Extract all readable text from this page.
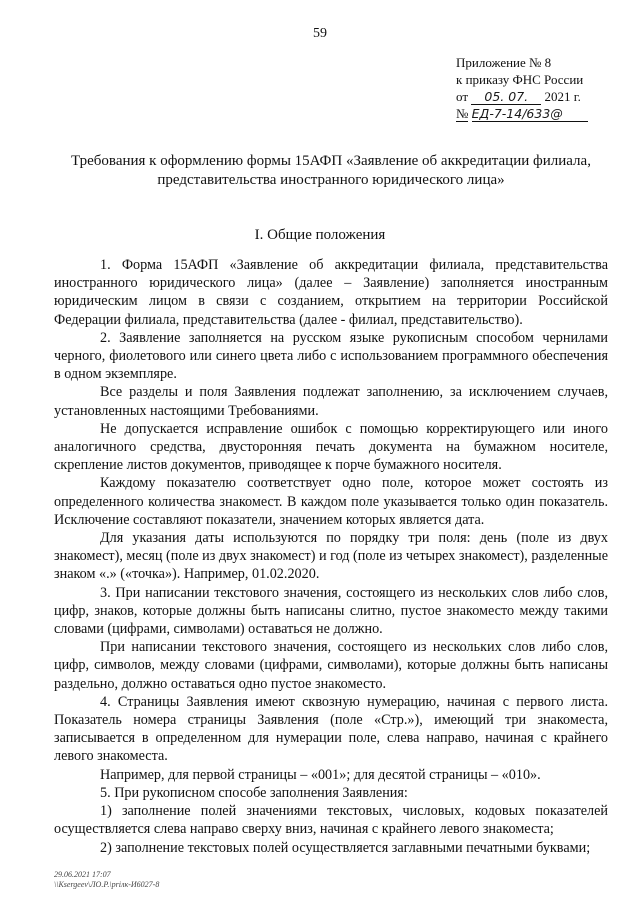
59
Приложение № 8
к приказу ФНС России
от 05. 07. 2021 г.
№ ЕД-7-14/633@
Требования к оформлению формы 15АФП «Заявление об аккредитации филиала, представительства иностранного юридического лица»
I. Общие положения

1. Форма 15АФП «Заявление об аккредитации филиала, представительства иностранного юридического лица» (далее – Заявление) заполняется иностранным юридическим лицом в связи с созданием, открытием на территории Российской Федерации филиала, представительства (далее - филиал, представительство).

2. Заявление заполняется на русском языке рукописным способом чернилами черного, фиолетового или синего цвета либо с использованием программного обеспечения в одном экземпляре.

Все разделы и поля Заявления подлежат заполнению, за исключением случаев, установленных настоящими Требованиями.

Не допускается исправление ошибок с помощью корректирующего или иного аналогичного средства, двусторонняя печать документа на бумажном носителе, скрепление листов документов, приводящее к порче бумажного носителя.

Каждому показателю соответствует одно поле, которое может состоять из определенного количества знакомест. В каждом поле указывается только один показатель. Исключение составляют показатели, значением которых является дата.

Для указания даты используются по порядку три поля: день (поле из двух знакомест), месяц (поле из двух знакомест) и год (поле из четырех знакомест), разделенные знаком «.» («точка»). Например, 01.02.2020.

3. При написании текстового значения, состоящего из нескольких слов либо слов, цифр, знаков, которые должны быть написаны слитно, пустое знакоместо между такими словами (цифрами, символами) оставаться не должно.

При написании текстового значения, состоящего из нескольких слов либо слов, цифр, символов, между словами (цифрами, символами), которые должны быть написаны раздельно, должно оставаться одно пустое знакоместо.

4. Страницы Заявления имеют сквозную нумерацию, начиная с первого листа. Показатель номера страницы Заявления (поле «Стр.»), имеющий три знакоместа, записывается в определенном для нумерации поле, слева направо, начиная с крайнего левого знакоместа.

Например, для первой страницы – «001»; для десятой страницы – «010».

5. При рукописном способе заполнения Заявления:

1) заполнение полей значениями текстовых, числовых, кодовых показателей осуществляется слева направо сверху вниз, начиная с крайнего левого знакоместа;

2) заполнение текстовых полей осуществляется заглавными печатными буквами;

29.06.2021 17:07
\\Ksergeev\ЛО.Р.\priлк-И6027-8
